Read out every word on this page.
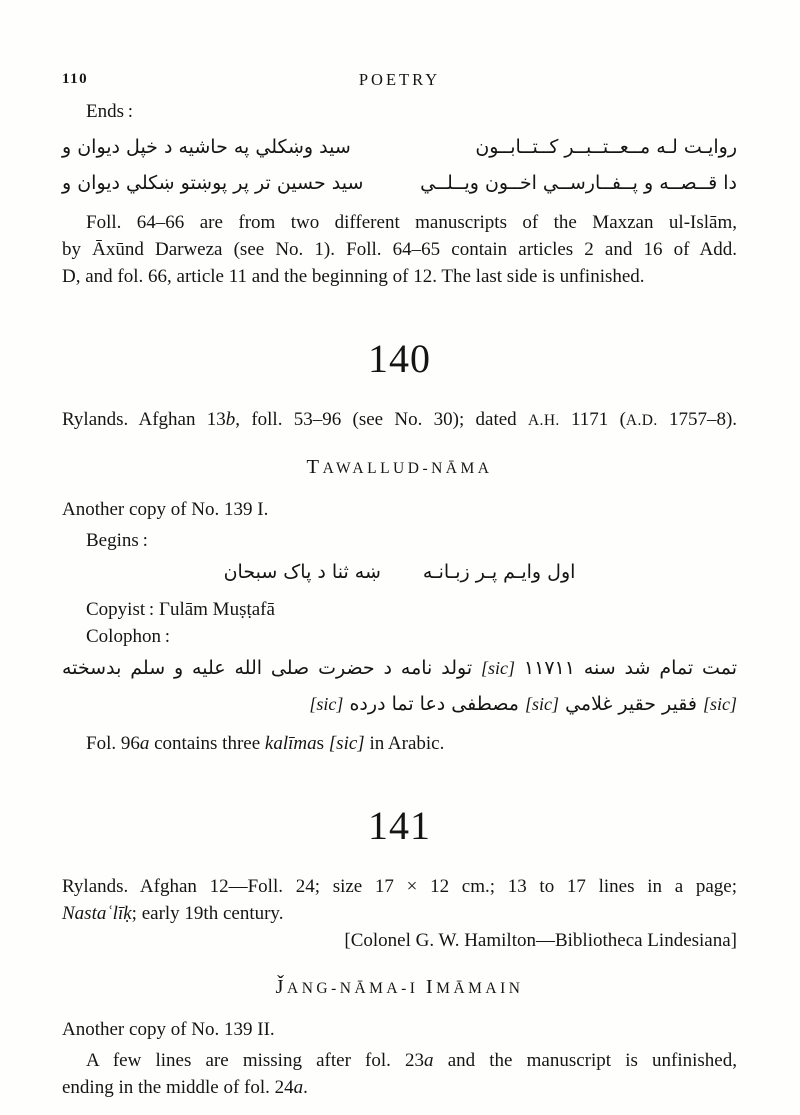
110	POETRY
Ends :
روايـت لـه مــعــتــبــر كــتــابــون
سيد وښكلي په حاشيه د خپل ديوان و
دا قــصــه و پــفــارســي اخــون ويــلــي
سيد حسين تر پر پوښتو ښكلي ديوان و
Foll. 64–66 are from two different manuscripts of the Maxzan ul-Islām,
by Āxūnd Darweza (see No. 1). Foll. 64–65 contain articles 2 and 16 of Add.
D, and fol. 66, article 11 and the beginning of 12. The last side is unfinished.
140
Rylands. Afghan 13b, foll. 53–96 (see No. 30); dated A.H. 1171 (A.D. 1757–8).
TAWALLUD-NĀMA
Another copy of No. 139 I.
Begins :
اول وايـم پـر زبـانـه
ښه ثنا د پاک سبحان
Copyist : Γulām Muṣṭafā
Colophon :
تمت تمام شد سنه ١١٧١١ [sic] تولد نامه د حضرت صلى الله عليه و سلم بدسخته
[sic] فقير حقير غلامي [sic] مصطفى دعا تما درده [sic]
Fol. 96a contains three kalīmas [sic] in Arabic.
141
Rylands. Afghan 12—Foll. 24; size 17 × 12 cm.; 13 to 17 lines in a page;
Nastaʿlīḳ; early 19th century.
[Colonel G. W. Hamilton—Bibliotheca Lindesiana]
J̌ANG-NĀMA-I IMĀMAIN
Another copy of No. 139 II.
A few lines are missing after fol. 23a and the manuscript is unfinished,
ending in the middle of fol. 24a.
